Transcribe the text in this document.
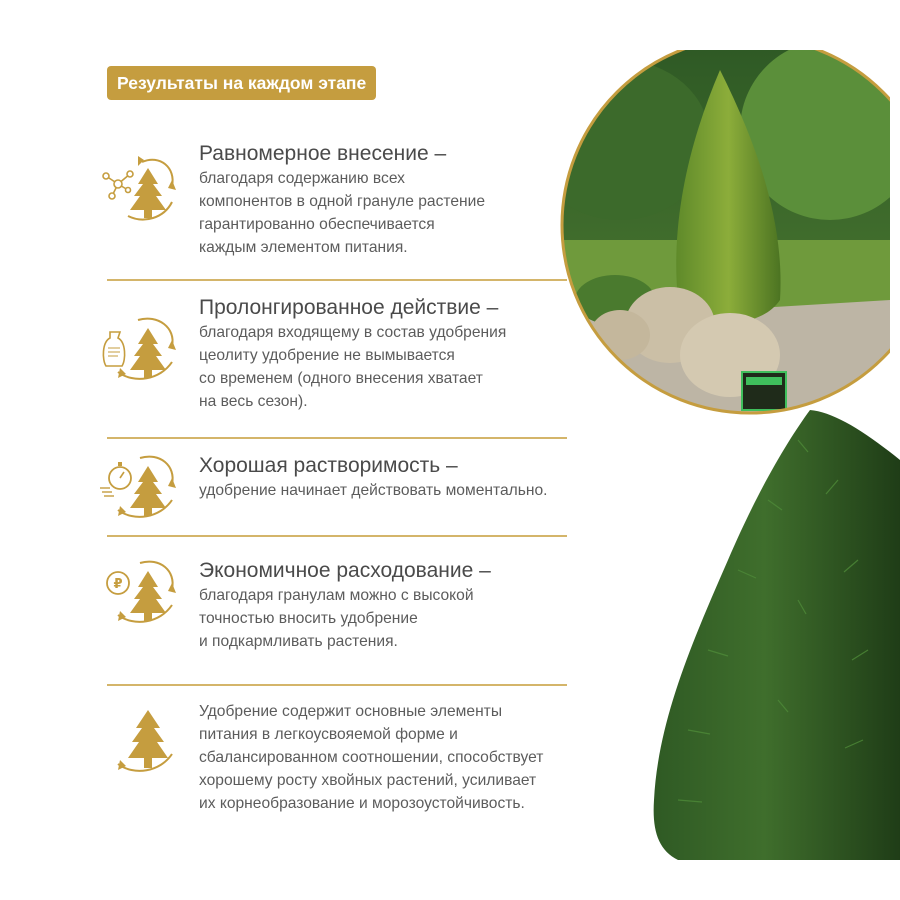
Результаты на каждом этапе
₽
Равномерное внесение –
благодаря содержанию всех
компонентов в одной грануле растение
гарантированно обеспечивается
каждым элементом питания.
Пролонгированное действие –
благодаря входящему в состав удобрения
цеолиту удобрение не вымывается
со временем (одного внесения хватает
на весь сезон).
Хорошая растворимость –
удобрение начинает действовать моментально.
Экономичное расходование –
благодаря гранулам можно с высокой
точностью вносить удобрение
и подкармливать растения.
Удобрение содержит основные элементы
питания в легкоусвояемой форме и
сбалансированном соотношении, способствует
хорошему росту хвойных растений, усиливает
их корнеобразование и морозоустойчивость.
